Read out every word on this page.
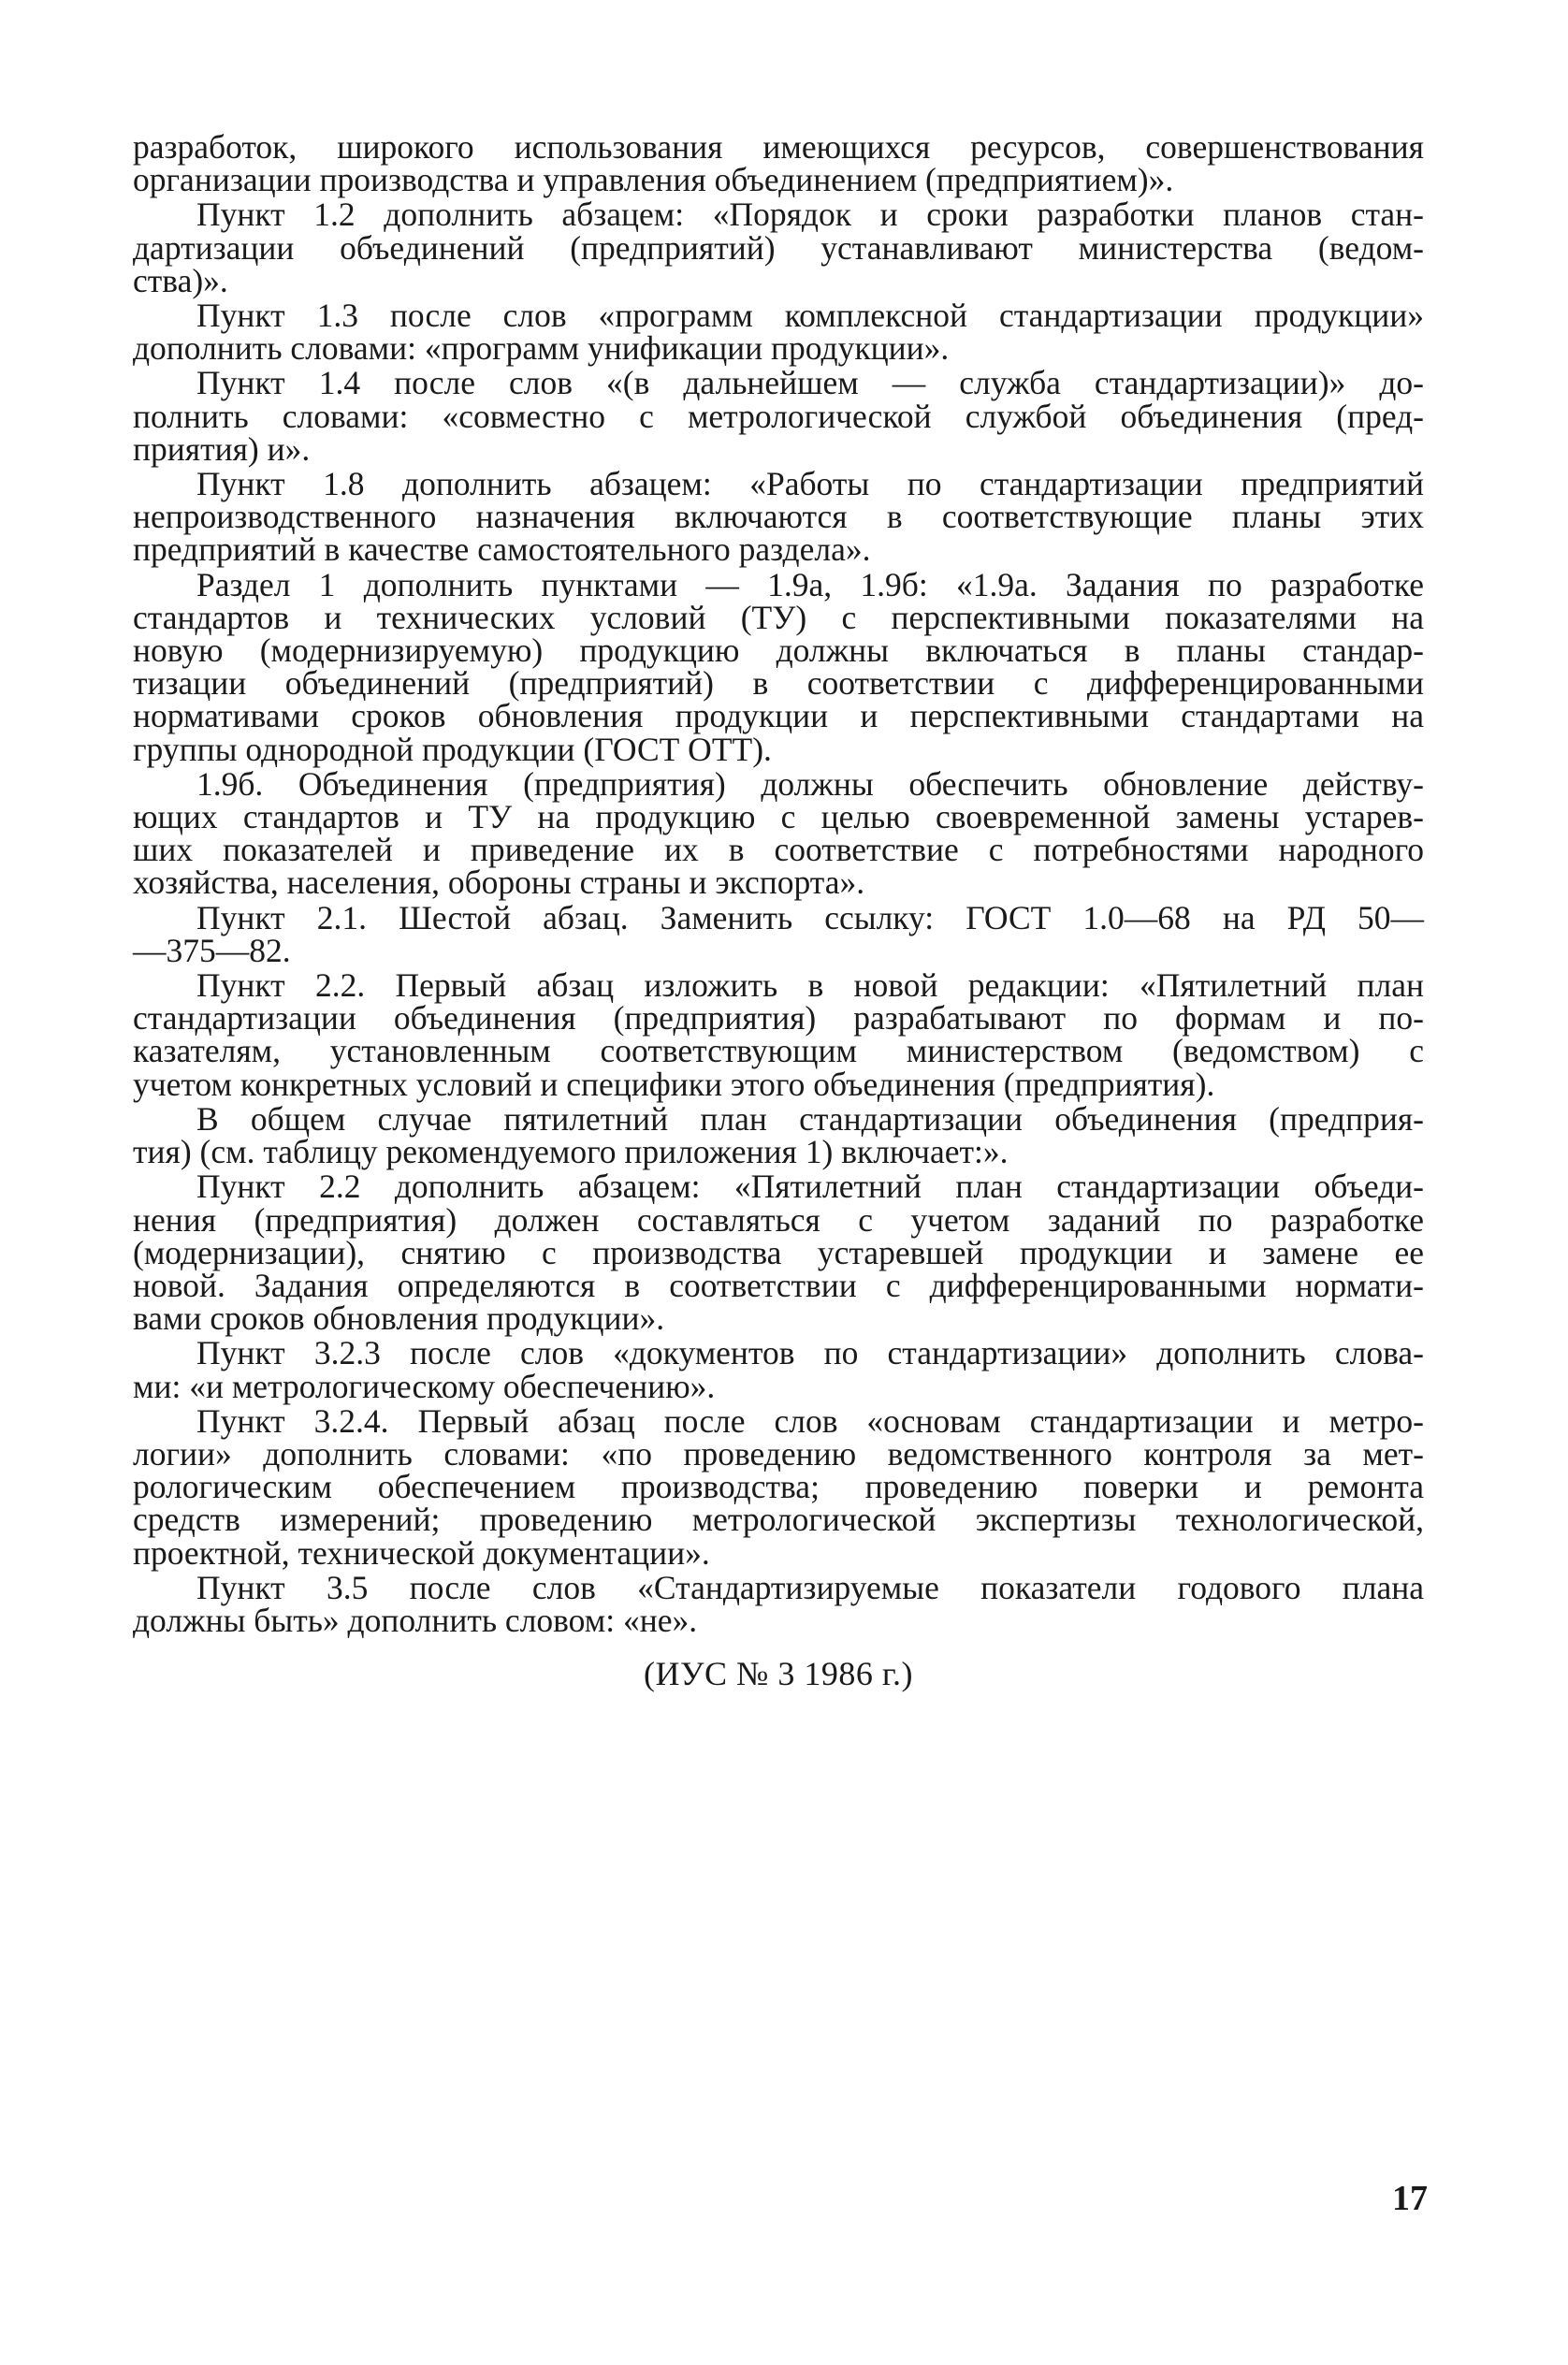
разработок, широкого использования имеющихся ресурсов, совершенствования
организации производства и управления объединением (предприятием)».
Пункт 1.2 дополнить абзацем: «Порядок и сроки разработки планов стан-
дартизации объединений (предприятий) устанавливают министерства (ведом-
ства)».
Пункт 1.3 после слов «программ комплексной стандартизации продукции»
дополнить словами: «программ унификации продукции».
Пункт 1.4 после слов «(в дальнейшем — служба стандартизации)» до-
полнить словами: «совместно с метрологической службой объединения (пред-
приятия) и».
Пункт 1.8 дополнить абзацем: «Работы по стандартизации предприятий
непроизводственного назначения включаются в соответствующие планы этих
предприятий в качестве самостоятельного раздела».
Раздел 1 дополнить пунктами — 1.9а, 1.9б: «1.9а. Задания по разработке
стандартов и технических условий (ТУ) с перспективными показателями на
новую (модернизируемую) продукцию должны включаться в планы стандар-
тизации объединений (предприятий) в соответствии с дифференцированными
нормативами сроков обновления продукции и перспективными стандартами на
группы однородной продукции (ГОСТ ОТТ).
1.9б. Объединения (предприятия) должны обеспечить обновление действу-
ющих стандартов и ТУ на продукцию с целью своевременной замены устарев-
ших показателей и приведение их в соответствие с потребностями народного
хозяйства, населения, обороны страны и экспорта».
Пункт 2.1. Шестой абзац. Заменить ссылку: ГОСТ 1.0—68 на РД 50—
—375—82.
Пункт 2.2. Первый абзац изложить в новой редакции: «Пятилетний план
стандартизации объединения (предприятия) разрабатывают по формам и по-
казателям, установленным соответствующим министерством (ведомством) с
учетом конкретных условий и специфики этого объединения (предприятия).
В общем случае пятилетний план стандартизации объединения (предприя-
тия) (см. таблицу рекомендуемого приложения 1) включает:».
Пункт 2.2 дополнить абзацем: «Пятилетний план стандартизации объеди-
нения (предприятия) должен составляться с учетом заданий по разработке
(модернизации), снятию с производства устаревшей продукции и замене ее
новой. Задания определяются в соответствии с дифференцированными нормати-
вами сроков обновления продукции».
Пункт 3.2.3 после слов «документов по стандартизации» дополнить слова-
ми: «и метрологическому обеспечению».
Пункт 3.2.4. Первый абзац после слов «основам стандартизации и метро-
логии» дополнить словами: «по проведению ведомственного контроля за мет-
рологическим обеспечением производства; проведению поверки и ремонта
средств измерений; проведению метрологической экспертизы технологической,
проектной, технической документации».
Пункт 3.5 после слов «Стандартизируемые показатели годового плана
должны быть» дополнить словом: «не».
(ИУС № 3 1986 г.)
17
